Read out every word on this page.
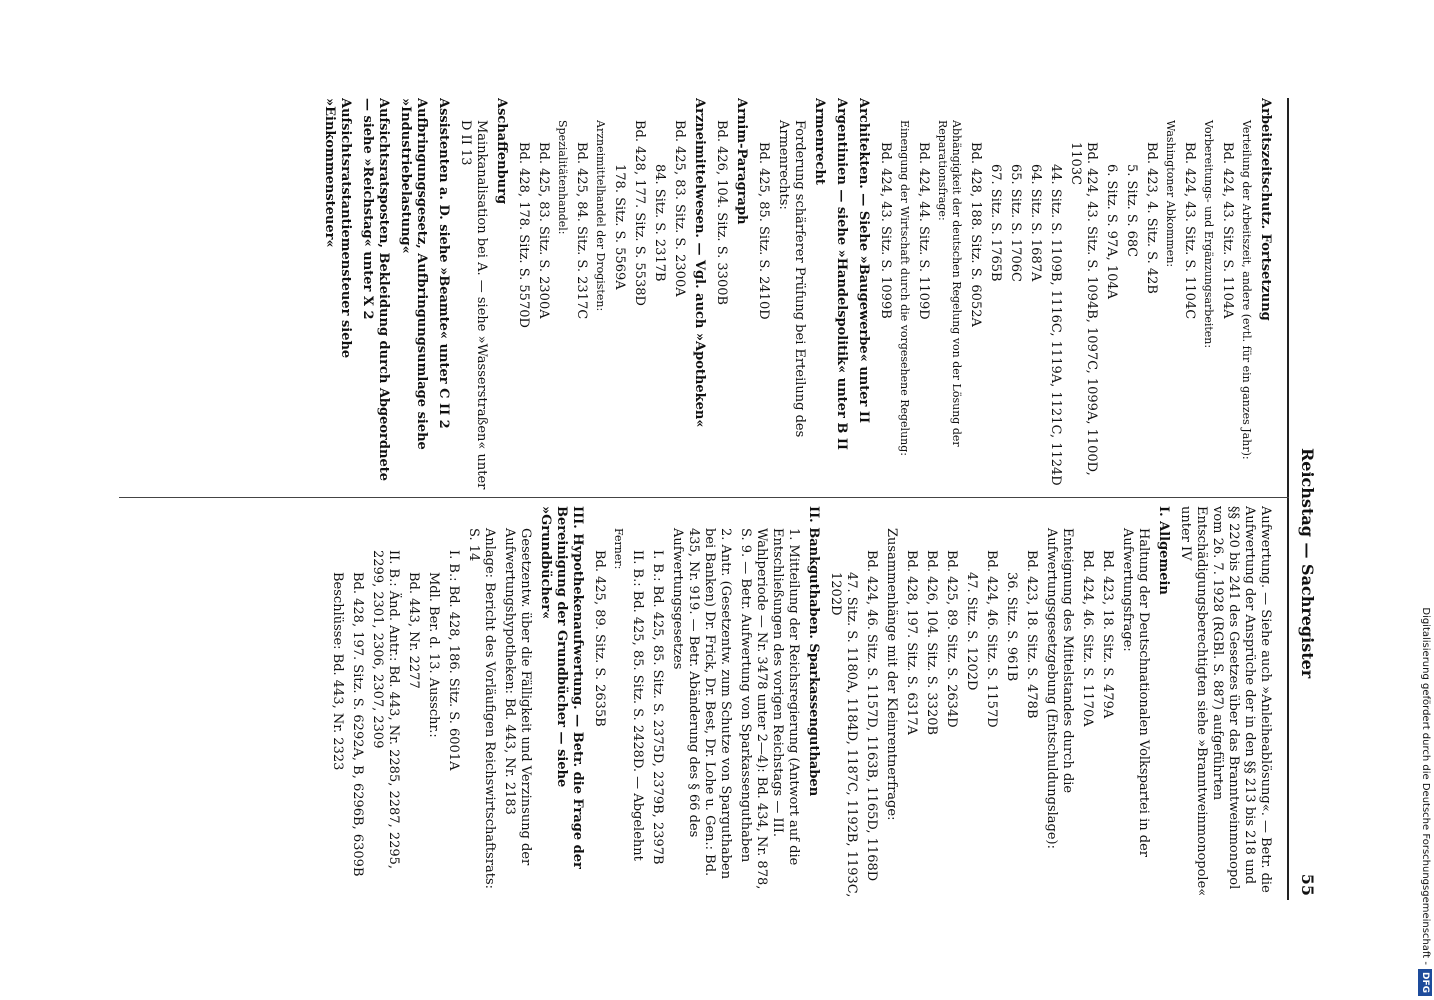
Reichstag — Sachregister
55

Arbeitszeitschutz. Fortsetzung

Verteilung der Arbeitszeit, andere (evtl. für ein ganzes Jahr):

Bd. 424, 43. Sitz. S. 1104A

Vorbereitungs- und Ergänzungsarbeiten:

Bd. 424, 43. Sitz. S. 1104C

Washingtoner Abkommen:

Bd. 423, 4. Sitz. S. 42B

5. Sitz. S. 68C

6. Sitz. S. 97A, 104A

Bd. 424, 43. Sitz. S. 1094B, 1097C, 1099A, 1100D, 1103C

44. Sitz. S. 1109B, 1116C, 1119A, 1121C, 1124D

64. Sitz. S. 1687A

65. Sitz. S. 1706C

67. Sitz. S. 1765B

Bd. 428, 188. Sitz. S. 6052A

Abhängigkeit der deutschen Regelung von der Lösung der Reparationsfrage:

Bd. 424, 44. Sitz. S. 1109D

Einengung der Wirtschaft durch die vorgesehene Regelung:

Bd. 424, 43. Sitz. S. 1099B

Architekten. — Siehe »Baugewerbe« unter II

Argentinien — siehe »Handelspolitik« unter B II

Armenrecht

Forderung schärferer Prüfung bei Erteilung des Armenrechts:

Bd. 425, 85. Sitz. S. 2410D

Arnim-Paragraph

Bd. 426, 104. Sitz. S. 3300B

Arzneimittelwesen. — Vgl. auch »Apotheken«

Bd. 425, 83. Sitz. S. 2300A

84. Sitz. S. 2317B

Bd. 428, 177. Sitz. S. 5538D

178. Sitz. S. 5569A

Arzneimittelhandel der Drogisten:

Bd. 425, 84. Sitz. S. 2317C

Spezialitätenhandel:

Bd. 425, 83. Sitz. S. 2300A

Bd. 428, 178. Sitz. S. 5570D

Aschaffenburg

Mainkanalisation bei A. — siehe »Wasserstraßen« unter D II 13

Assistenten a. D. siehe »Beamte« unter C II 2

Aufbringungsgesetz, Aufbringungsumlage siehe »Industriebelastung«

Aufsichtsratsposten, Bekleidung durch Abgeordnete — siehe »Reichstag« unter X 2

Aufsichtsratstantiemensteuer siehe »Einkommensteuer«

Aufwertung. — Siehe auch »Anleiheablösung«. — Betr. die Aufwertung der Ansprüche der in den §§ 213 bis 218 und §§ 220 bis 241 des Gesetzes über das Branntweinmonopol vom 26. 7. 1928 (RGBl. S. 887) aufgeführten Entschädigungsberechtigten siehe »Branntweinmonopole« unter IV

I. Allgemein

Haltung der Deutschnationalen Volkspartei in der Aufwertungsfrage:

Bd. 423, 18. Sitz. S. 479A

Bd. 424, 46. Sitz. S. 1170A

Enteignung des Mittelstandes durch die Aufwertungsgesetzgebung (Entschuldungslage):

Bd. 423, 18. Sitz. S. 478B

36. Sitz. S. 961B

Bd. 424, 46. Sitz. S. 1157D

47. Sitz. S. 1202D

Bd. 425, 89. Sitz. S. 2634D

Bd. 426, 104. Sitz. S. 3320B

Bd. 428, 197. Sitz. S. 6317A

Zusammenhänge mit der Kleinrentnerfrage:

Bd. 424, 46. Sitz. S. 1157D, 1163B, 1165D, 1168D

47. Sitz. S. 1180A, 1184D, 1187C, 1192B, 1193C, 1202D

II. Bankguthaben. Sparkassenguthaben

1. Mitteilung der Reichsregierung (Antwort auf die Entschließungen des vorigen Reichstags — III. Wahlperiode — Nr. 3478 unter 2—4): Bd. 434, Nr. 878, S. 9. — Betr. Aufwertung von Sparkassenguthaben

2. Antr. (Gesetzentw. zum Schutze von Sparguthaben bei Banken) Dr. Frick, Dr. Best, Dr. Lohe u. Gen.: Bd. 435, Nr. 919. — Betr. Abänderung des § 66 des Aufwertungsgesetzes

I. B.: Bd. 425, 85. Sitz. S. 2375D, 2379B, 2397B

II. B.: Bd. 425, 85. Sitz. S. 2428D. — Abgelehnt

Ferner:

Bd. 425, 89. Sitz. S. 2635B

III. Hypothekenaufwertung. — Betr. die Frage der Bereinigung der Grundbücher — siehe »Grundbücher«

Gesetzentw. über die Fälligkeit und Verzinsung der Aufwertungshypotheken: Bd. 443, Nr. 2183

Anlage: Bericht des Vorläufigen Reichswirtschaftsrats: S. 14

I. B.: Bd. 428, 186. Sitz. S. 6001A

Mdl. Ber. d. 13. Ausschr.:

Bd. 443, Nr. 2277

II. B.: Änd. Antr.: Bd. 443, Nr. 2285, 2287, 2295, 2299, 2301, 2306, 2307, 2309

Bd. 428, 197. Sitz. S. 6292A, B, 6296B, 6309B

Beschlüsse: Bd. 443, Nr. 2323	Digitalisierung gefördert durch die Deutsche Forschungsgemeinschaft -DFG
